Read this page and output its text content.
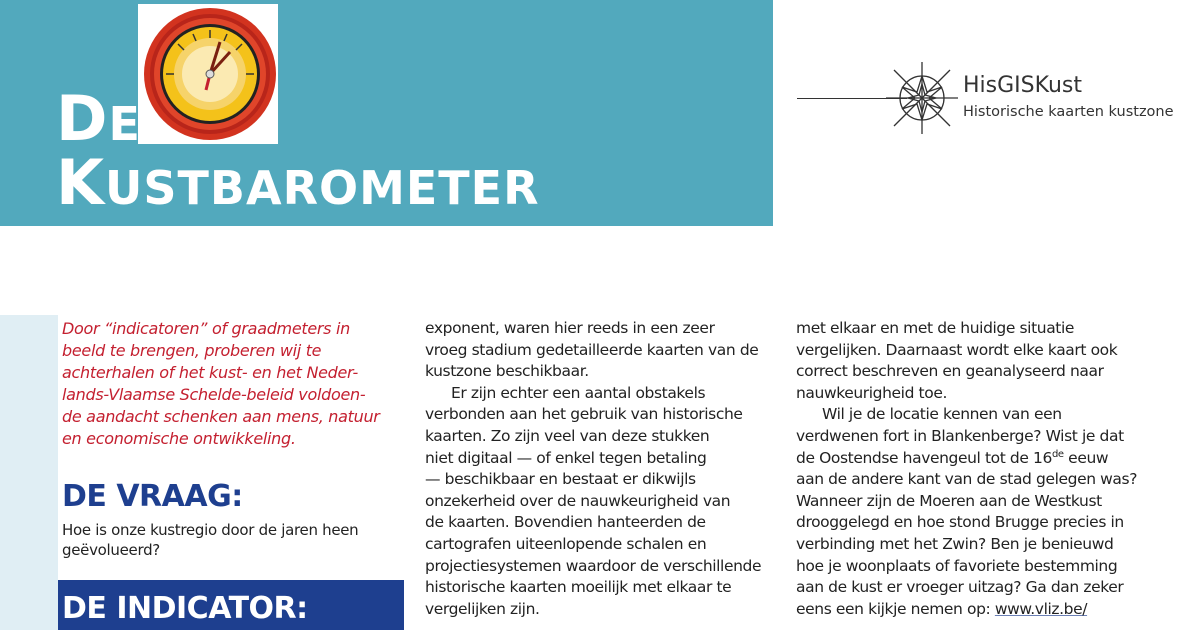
DE
KUSTBAROMETER
HisGISKust
Historische kaarten kustzone
Door “indicatoren” of graadmeters in
beeld te brengen, proberen wij te
achterhalen of het kust- en het Neder-
lands-Vlaamse Schelde-beleid voldoen-
de aandacht schenken aan mens, natuur
en economische ontwikkeling.
DE VRAAG:
Hoe is onze kustregio door de jaren heen
geëvolueerd?
DE INDICATOR:
exponent, waren hier reeds in een zeer
vroeg stadium gedetailleerde kaarten van de
kustzone beschikbaar.
Er zijn echter een aantal obstakels
verbonden aan het gebruik van historische
kaarten. Zo zijn veel van deze stukken
niet digitaal — of enkel tegen betaling
— beschikbaar en bestaat er dikwijls
onzekerheid over de nauwkeurigheid van
de kaarten. Bovendien hanteerden de
cartografen uiteenlopende schalen en
projectiesystemen waardoor de verschillende
historische kaarten moeilijk met elkaar te
vergelijken zijn.
met elkaar en met de huidige situatie
vergelijken. Daarnaast wordt elke kaart ook
correct beschreven en geanalyseerd naar
nauwkeurigheid toe.
Wil je de locatie kennen van een
verdwenen fort in Blankenberge? Wist je dat
de Oostendse havengeul tot de 16de eeuw
aan de andere kant van de stad gelegen was?
Wanneer zijn de Moeren aan de Westkust
drooggelegd en hoe stond Brugge precies in
verbinding met het Zwin? Ben je benieuwd
hoe je woonplaats of favoriete bestemming
aan de kust er vroeger uitzag? Ga dan zeker
eens een kijkje nemen op: www.vliz.be/
